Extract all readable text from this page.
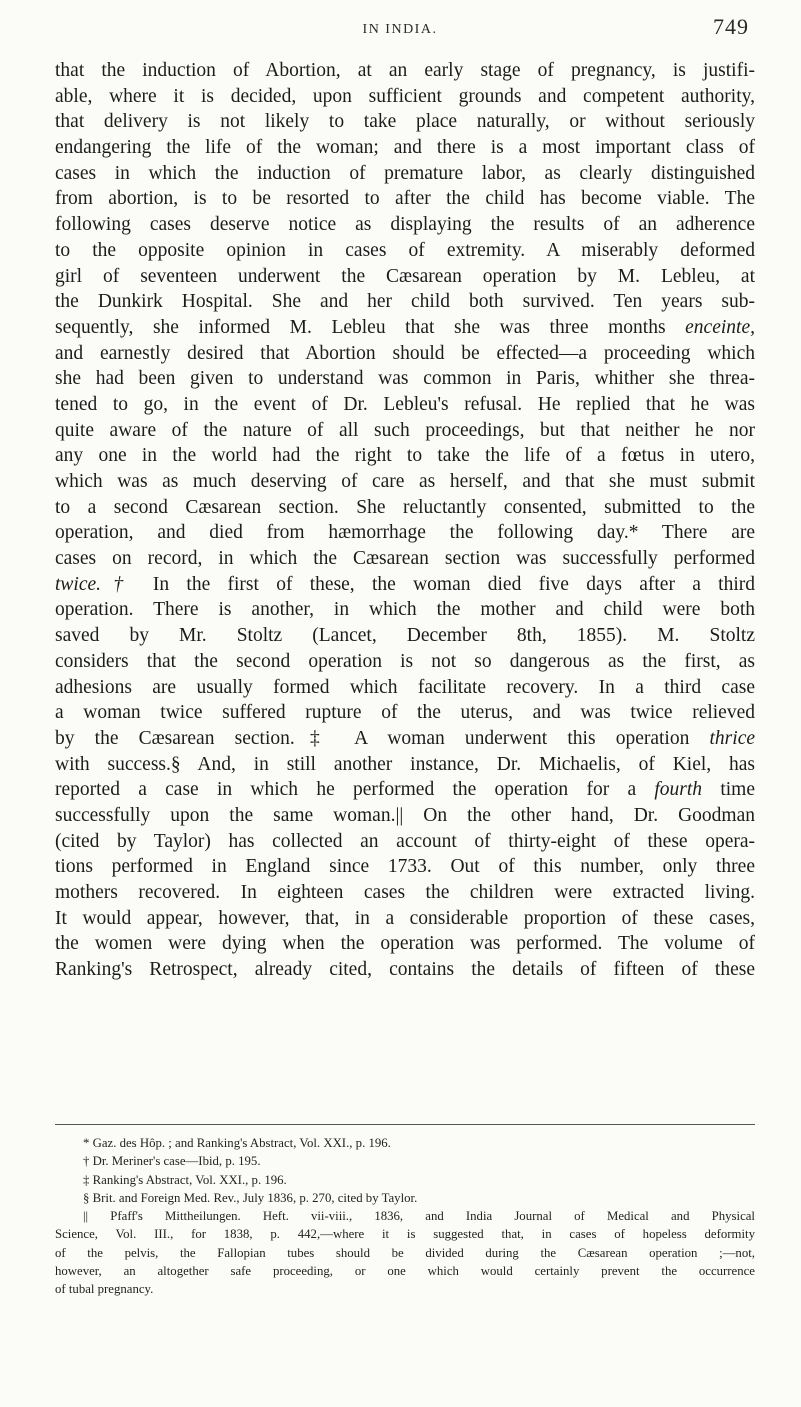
IN INDIA.	749
that the induction of Abortion, at an early stage of pregnancy, is justifi-
able, where it is decided, upon sufficient grounds and competent authority,
that delivery is not likely to take place naturally, or without seriously
endangering the life of the woman; and there is a most important class of
cases in which the induction of premature labor, as clearly distinguished
from abortion, is to be resorted to after the child has become viable. The
following cases deserve notice as displaying the results of an adherence
to the opposite opinion in cases of extremity. A miserably deformed
girl of seventeen underwent the Cæsarean operation by M. Lebleu, at
the Dunkirk Hospital. She and her child both survived. Ten years sub-
sequently, she informed M. Lebleu that she was three months enceinte,
and earnestly desired that Abortion should be effected—a proceeding which
she had been given to understand was common in Paris, whither she threa-
tened to go, in the event of Dr. Lebleu's refusal. He replied that he was
quite aware of the nature of all such proceedings, but that neither he nor
any one in the world had the right to take the life of a fœtus in utero,
which was as much deserving of care as herself, and that she must submit
to a second Cæsarean section. She reluctantly consented, submitted to the
operation, and died from hæmorrhage the following day.* There are
cases on record, in which the Cæsarean section was successfully performed
twice.† In the first of these, the woman died five days after a third
operation. There is another, in which the mother and child were both
saved by Mr. Stoltz (Lancet, December 8th, 1855). M. Stoltz
considers that the second operation is not so dangerous as the first, as
adhesions are usually formed which facilitate recovery. In a third case
a woman twice suffered rupture of the uterus, and was twice relieved
by the Cæsarean section.‡ A woman underwent this operation thrice
with success.§ And, in still another instance, Dr. Michaelis, of Kiel, has
reported a case in which he performed the operation for a fourth time
successfully upon the same woman.|| On the other hand, Dr. Goodman
(cited by Taylor) has collected an account of thirty-eight of these opera-
tions performed in England since 1733. Out of this number, only three
mothers recovered. In eighteen cases the children were extracted living.
It would appear, however, that, in a considerable proportion of these cases,
the women were dying when the operation was performed. The volume of
Ranking's Retrospect, already cited, contains the details of fifteen of these
* Gaz. des Hôp. ; and Ranking's Abstract, Vol. XXI., p. 196.
† Dr. Meriner's case—Ibid, p. 195.
‡ Ranking's Abstract, Vol. XXI., p. 196.
§ Brit. and Foreign Med. Rev., July 1836, p. 270, cited by Taylor.
|| Pfaff's Mittheilungen. Heft. vii-viii., 1836, and India Journal of Medical and Physical
Science, Vol. III., for 1838, p. 442,—where it is suggested that, in cases of hopeless deformity
of the pelvis, the Fallopian tubes should be divided during the Cæsarean operation ;—not,
however, an altogether safe proceeding, or one which would certainly prevent the occurrence
of tubal pregnancy.
